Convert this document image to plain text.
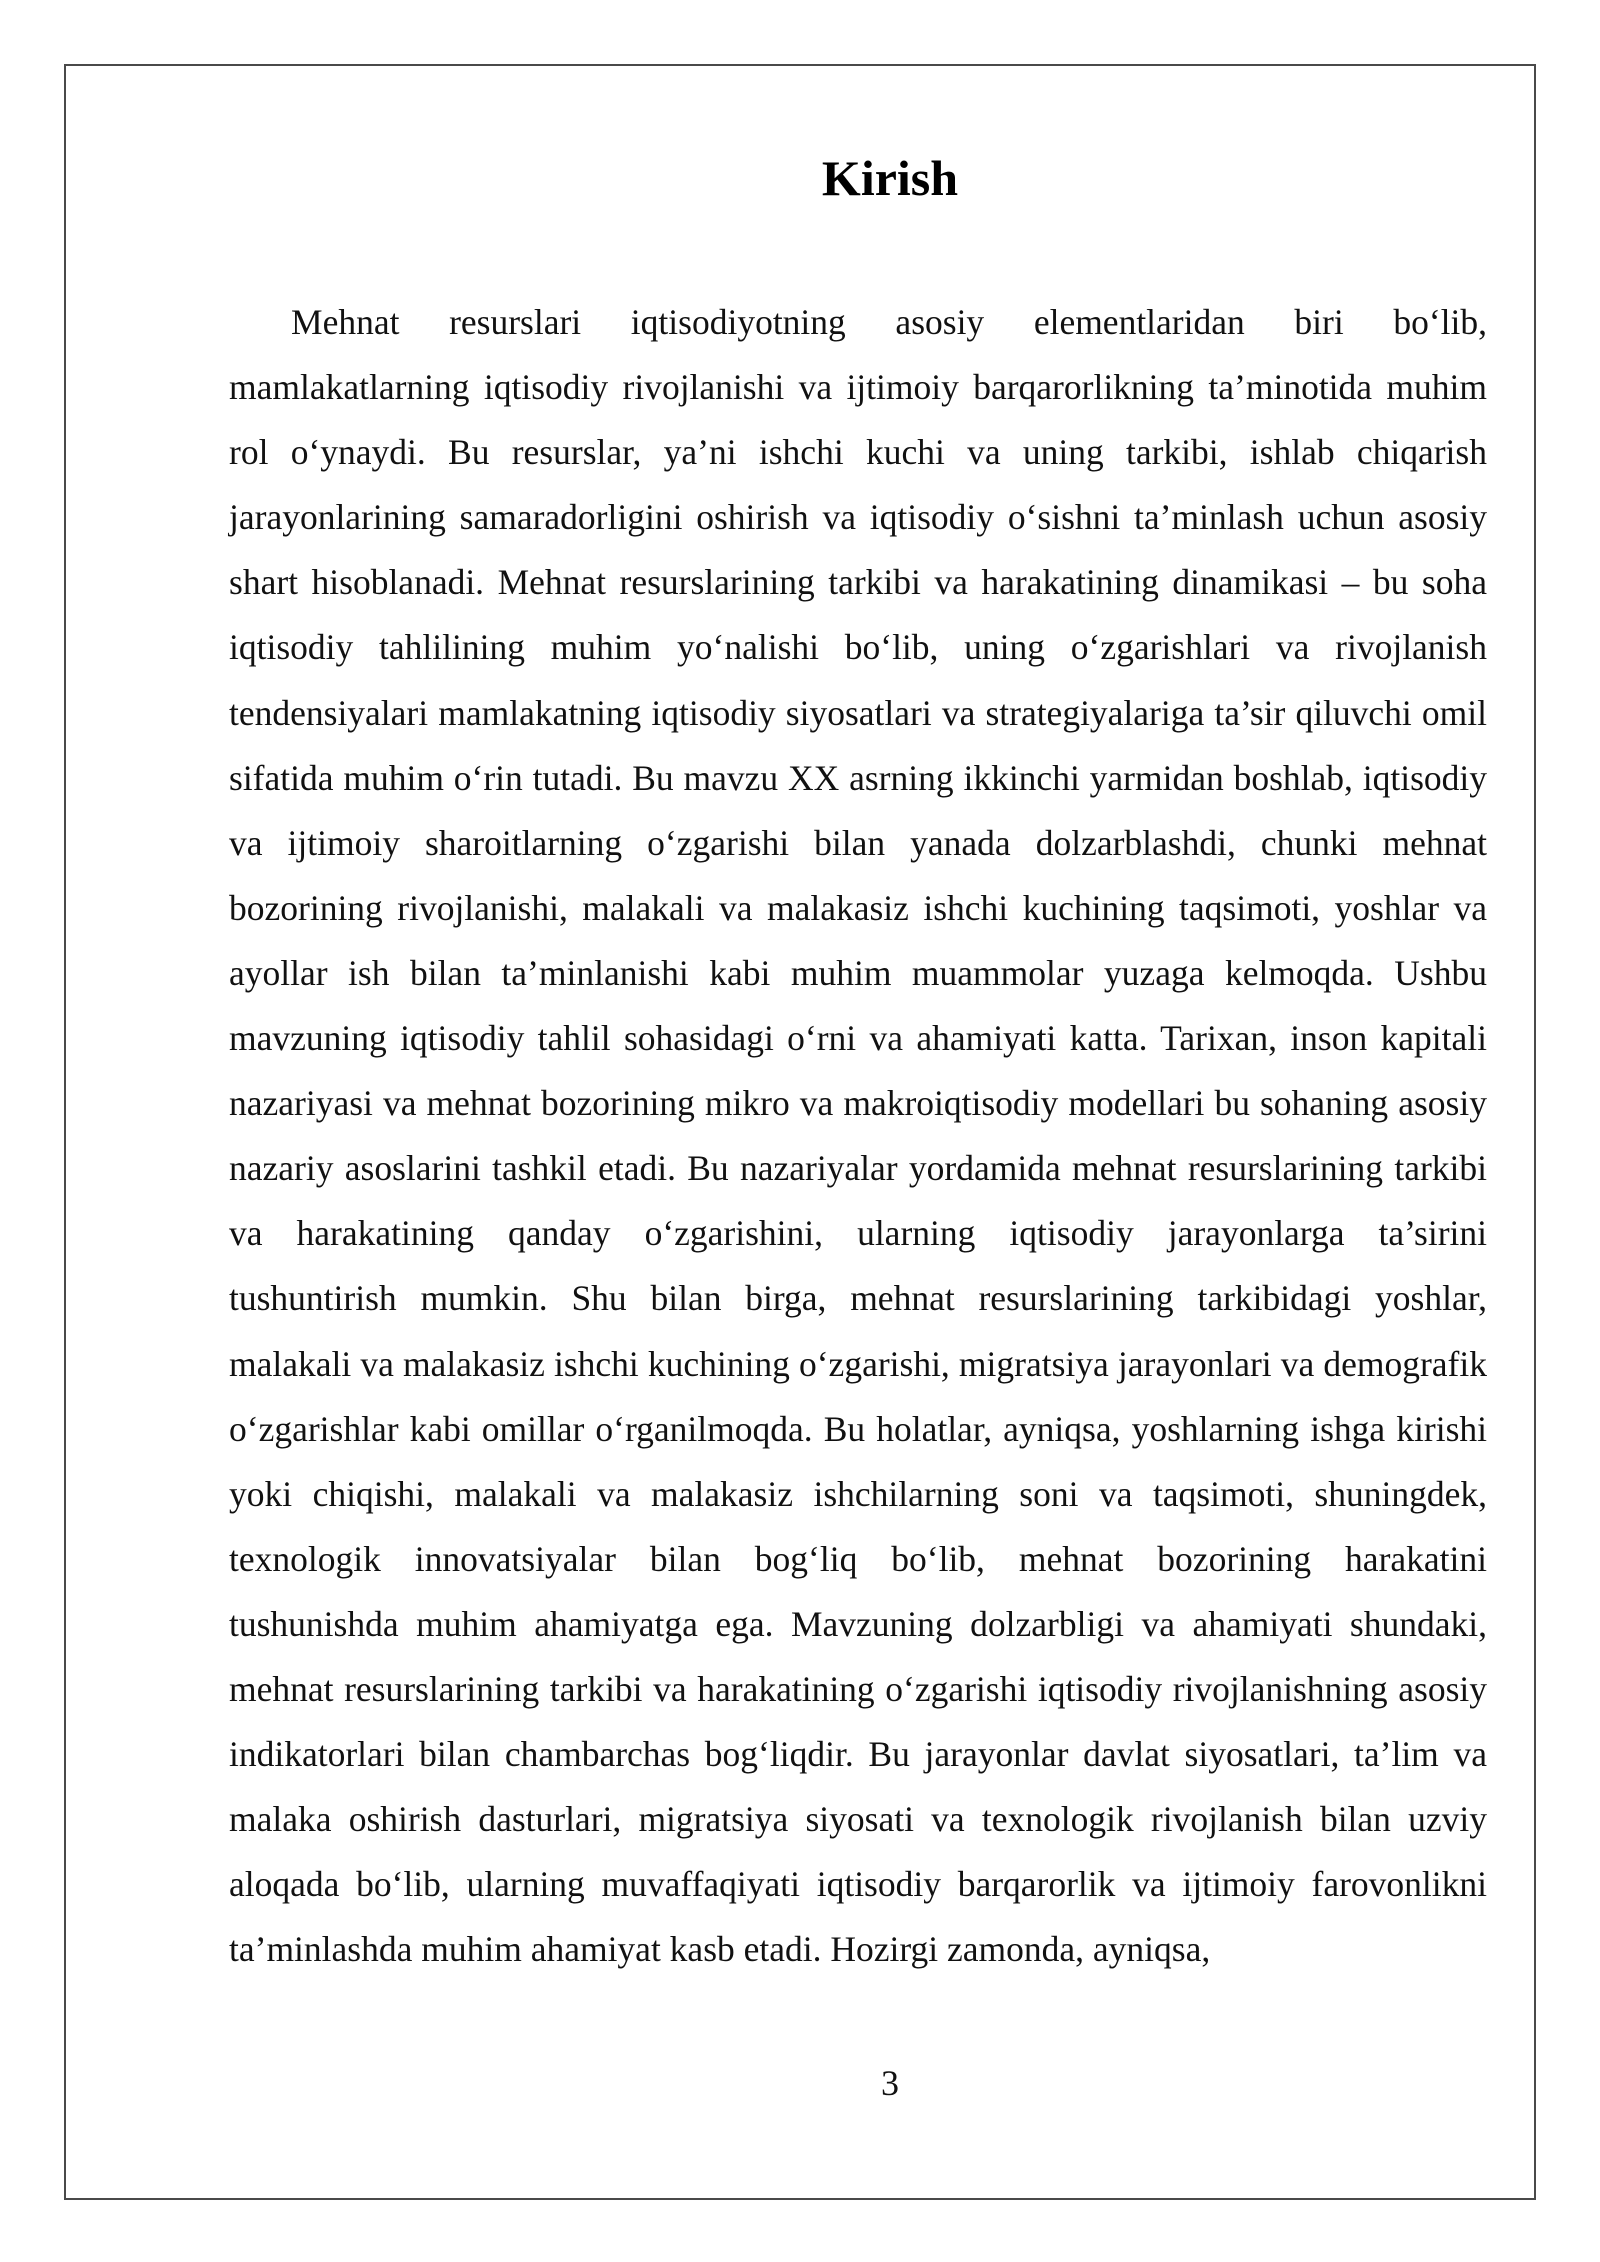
Kirish

Mehnat resurslari iqtisodiyotning asosiy elementlaridan biri bo‘lib, mamlakatlarning iqtisodiy rivojlanishi va ijtimoiy barqarorlikning ta’minotida muhim rol o‘ynaydi. Bu resurslar, ya’ni ishchi kuchi va uning tarkibi, ishlab chiqarish jarayonlarining samaradorligini oshirish va iqtisodiy o‘sishni ta’minlash uchun asosiy shart hisoblanadi. Mehnat resurslarining tarkibi va harakatining dinamikasi – bu soha iqtisodiy tahlilining muhim yo‘nalishi bo‘lib, uning o‘zgarishlari va rivojlanish tendensiyalari mamlakatning iqtisodiy siyosatlari va strategiyalariga ta’sir qiluvchi omil sifatida muhim o‘rin tutadi. Bu mavzu XX asrning ikkinchi yarmidan boshlab, iqtisodiy va ijtimoiy sharoitlarning o‘zgarishi bilan yanada dolzarblashdi, chunki mehnat bozorining rivojlanishi, malakali va malakasiz ishchi kuchining taqsimoti, yoshlar va ayollar ish bilan ta’minlanishi kabi muhim muammolar yuzaga kelmoqda. Ushbu mavzuning iqtisodiy tahlil sohasidagi o‘rni va ahamiyati katta. Tarixan, inson kapitali nazariyasi va mehnat bozorining mikro va makroiqtisodiy modellari bu sohaning asosiy nazariy asoslarini tashkil etadi. Bu nazariyalar yordamida mehnat resurslarining tarkibi va harakatining qanday o‘zgarishini, ularning iqtisodiy jarayonlarga ta’sirini tushuntirish mumkin. Shu bilan birga, mehnat resurslarining tarkibidagi yoshlar, malakali va malakasiz ishchi kuchining o‘zgarishi, migratsiya jarayonlari va demografik o‘zgarishlar kabi omillar o‘rganilmoqda. Bu holatlar, ayniqsa, yoshlarning ishga kirishi yoki chiqishi, malakali va malakasiz ishchilarning soni va taqsimoti, shuningdek, texnologik innovatsiyalar bilan bog‘liq bo‘lib, mehnat bozorining harakatini tushunishda muhim ahamiyatga ega. Mavzuning dolzarbligi va ahamiyati shundaki, mehnat resurslarining tarkibi va harakatining o‘zgarishi iqtisodiy rivojlanishning asosiy indikatorlari bilan chambarchas bog‘liqdir. Bu jarayonlar davlat siyosatlari, ta’lim va malaka oshirish dasturlari, migratsiya siyosati va texnologik rivojlanish bilan uzviy aloqada bo‘lib, ularning muvaffaqiyati iqtisodiy barqarorlik va ijtimoiy farovonlikni ta’minlashda muhim ahamiyat kasb etadi. Hozirgi zamonda, ayniqsa,

3
